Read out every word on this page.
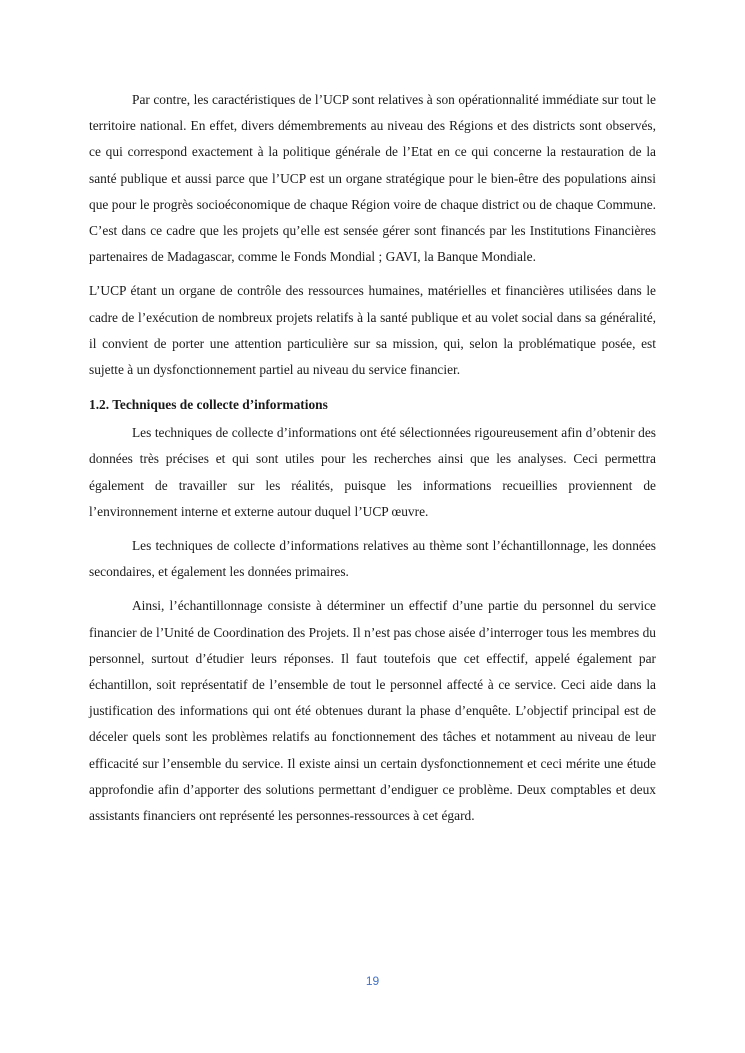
Par contre, les caractéristiques de l’UCP sont relatives à son opérationnalité immédiate sur tout le territoire national. En effet, divers démembrements au niveau des Régions et des districts sont observés, ce qui correspond exactement à la politique générale de l’Etat en ce qui concerne la restauration de la santé publique et aussi parce que l’UCP est un organe stratégique pour le bien-être des populations ainsi que pour le progrès socioéconomique de chaque Région voire de chaque district ou de chaque Commune. C’est dans ce cadre que les projets qu’elle est sensée gérer sont financés par les Institutions Financières partenaires de Madagascar, comme le Fonds Mondial ; GAVI, la Banque Mondiale.

L’UCP étant un organe de contrôle des ressources humaines, matérielles et financières utilisées dans le cadre de l’exécution de nombreux projets relatifs à la santé publique et au volet social dans sa généralité, il convient de porter une attention particulière sur sa mission, qui, selon la problématique posée, est sujette à un dysfonctionnement partiel au niveau du service financier.

1.2. Techniques de collecte d’informations

Les techniques de collecte d’informations ont été sélectionnées rigoureusement afin d’obtenir des données très précises et qui sont utiles pour les recherches ainsi que les analyses. Ceci permettra également de travailler sur les réalités, puisque les informations recueillies proviennent de l’environnement interne et externe autour duquel l’UCP œuvre.

Les techniques de collecte d’informations relatives au thème sont l’échantillonnage, les données secondaires, et également les données primaires.

Ainsi, l’échantillonnage consiste à déterminer un effectif d’une partie du personnel du service financier de l’Unité de Coordination des Projets. Il n’est pas chose aisée d’interroger tous les membres du personnel, surtout d’étudier leurs réponses. Il faut toutefois que cet effectif, appelé également par échantillon, soit représentatif de l’ensemble de tout le personnel affecté à ce service. Ceci aide dans la justification des informations qui ont été obtenues durant la phase d’enquête. L’objectif principal est de déceler quels sont les problèmes relatifs au fonctionnement des tâches et notamment au niveau de leur efficacité sur l’ensemble du service. Il existe ainsi un certain dysfonctionnement et ceci mérite une étude approfondie afin d’apporter des solutions permettant d’endiguer ce problème. Deux comptables et deux assistants financiers ont représenté les personnes-ressources à cet égard.

19
